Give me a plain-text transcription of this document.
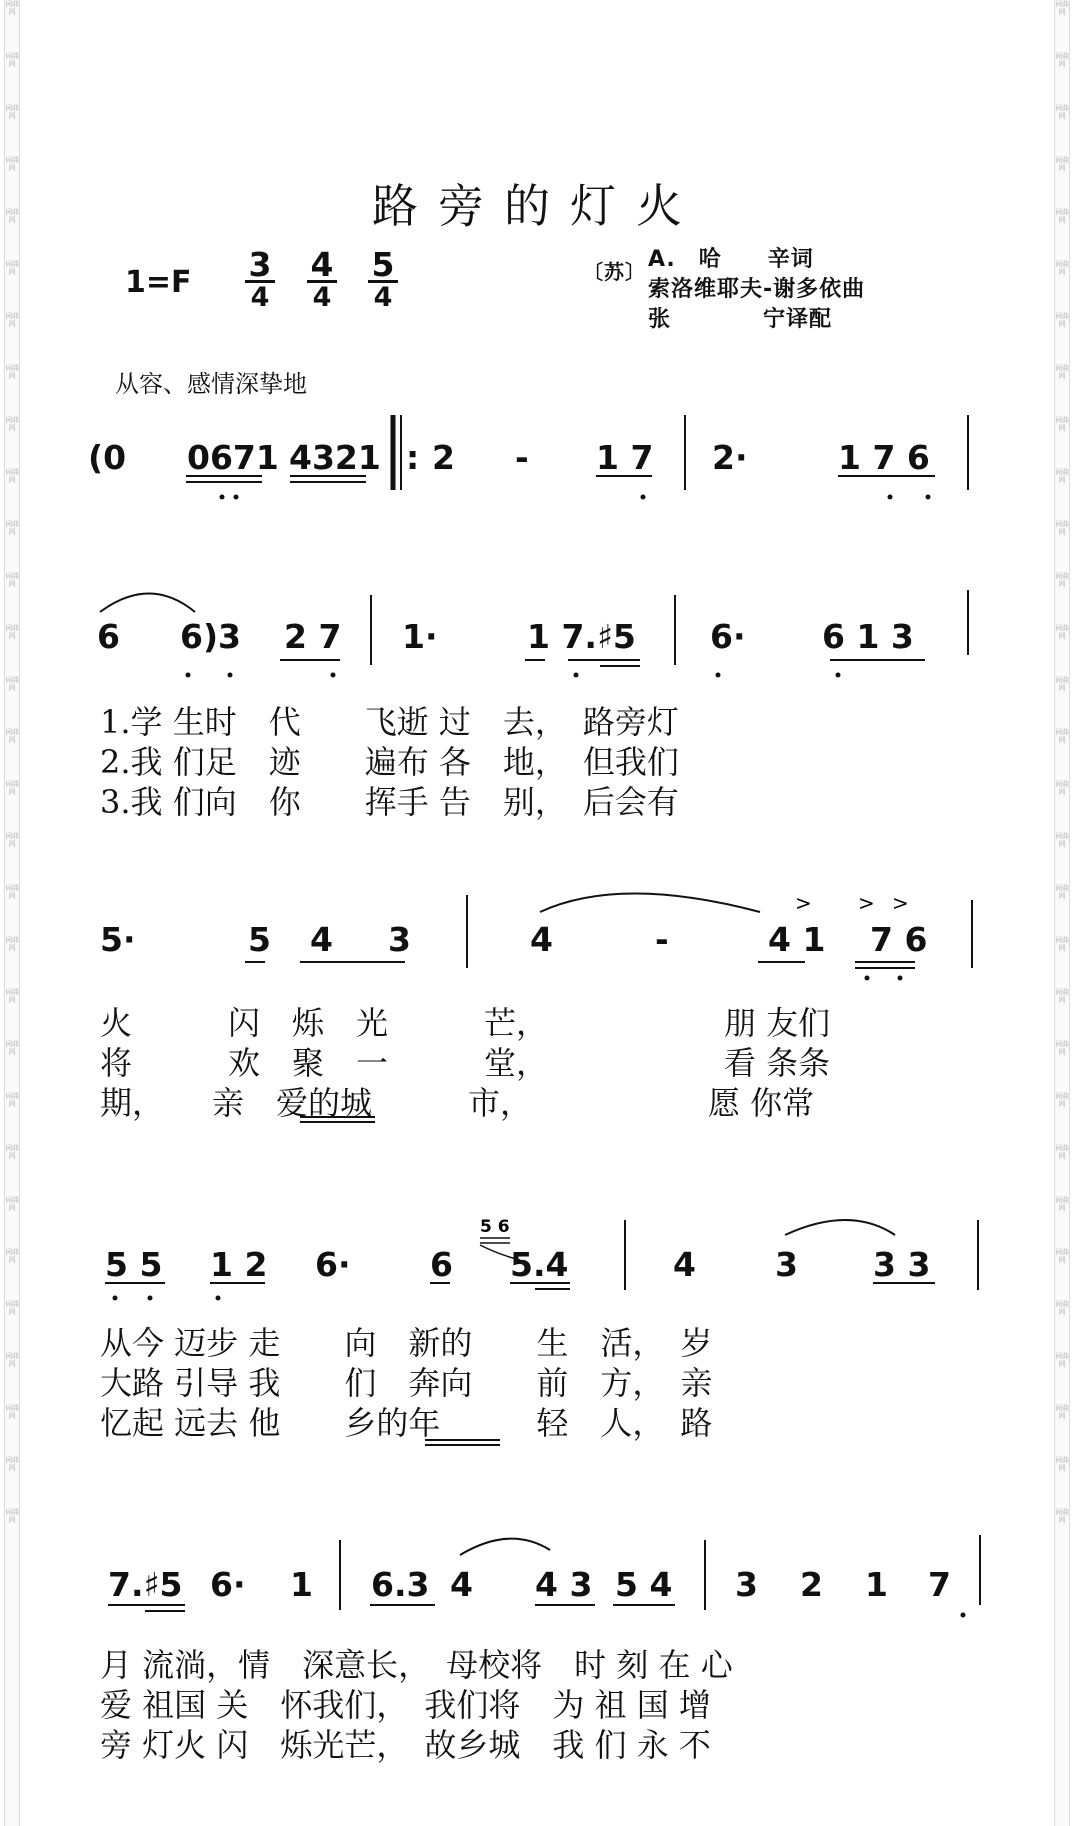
词曲网
词曲网
词曲网
词曲网
词曲网
词曲网
词曲网
词曲网
词曲网
词曲网
词曲网
词曲网
词曲网
词曲网
词曲网
词曲网
词曲网
词曲网
词曲网
词曲网
词曲网
词曲网
词曲网
词曲网
词曲网
词曲网
词曲网
词曲网
词曲网
词曲网
词曲网
词曲网
词曲网
词曲网
词曲网
词曲网
词曲网
词曲网
词曲网
词曲网
词曲网
词曲网
词曲网
词曲网
词曲网
词曲网
词曲网
词曲网
词曲网
词曲网
词曲网
词曲网
词曲网
词曲网
词曲网
词曲网
词曲网
词曲网
词曲网
词曲网
路旁的灯火
1=F 3
4
4
4
5
4
〔苏〕 A.　哈　　辛词
索洛维耶夫-谢多依曲
张　　　　宁译配
从容、感情深挚地
(0 0671 4321 : 2 - 1 7 2·	1 7 6
6 6)3 2 7 1·	1 7.♯5 6· 6 1 3
1.学 生时　代　　飞逝 过　去，　路旁灯
2.我 们足　迹　　遍布 各　地，　但我们
3.我 们向　你　　挥手 告　别，　后会有
5·	5 4 3	4	-	4 1 7 6
火　　　闪　烁　光　　　芒，　　　　　　朋 友们
将　　　欢　聚　一　　　堂，　　　　　　看 条条
期，　　亲　爱的城　　　市，　　　　　　愿 你常
5 5 1 2 6· 6 5.4	4 3 3 3
从今 迈步 走　　向　新的　　生　活，　岁
大路 引导 我　　们　奔向　　前　方，　亲
忆起 远去 他　　乡的年　　　轻　人，　路
7.♯5 6· 1 6.3 4 4 3 5 4 3 2 1 7
月 流淌，情　深意长，　母校将　时 刻 在 心
爱 祖国 关　怀我们，　我们将　为 祖 国 增
旁 灯火 闪　烁光芒，　故乡城　我 们 永 不
> > >
5 6
